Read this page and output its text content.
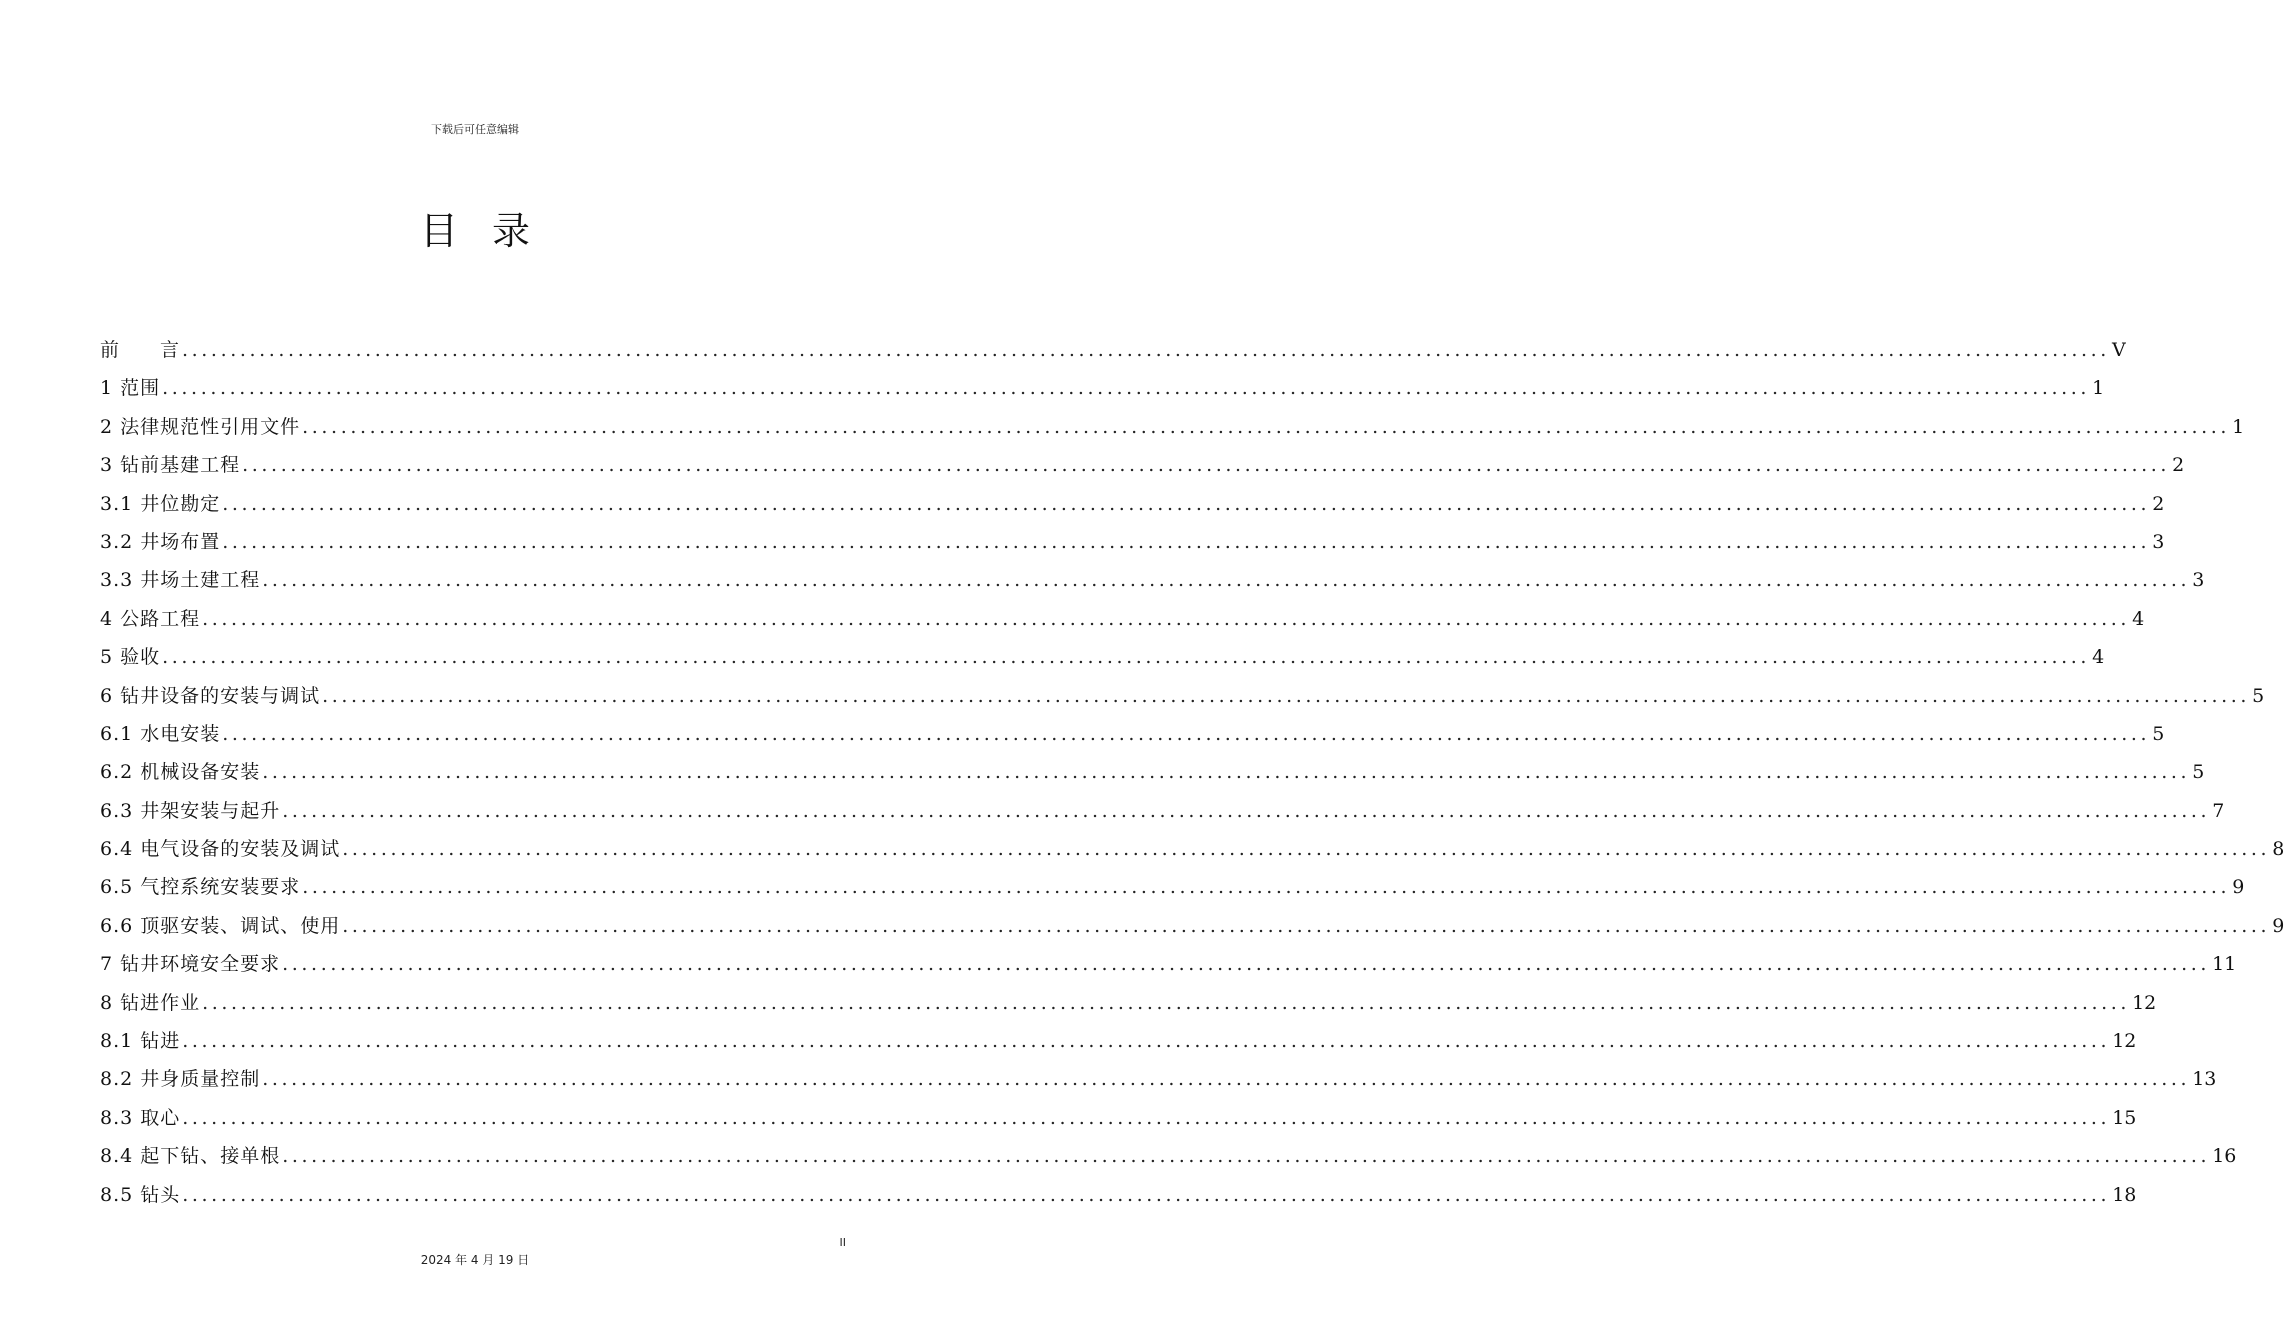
下载后可任意编辑
目录
前　　言 ........................................................................................................................................................................................................ V
1 范围 ........................................................................................................................................................................................................ 1
2 法律规范性引用文件 ........................................................................................................................................................................................................ 1
3 钻前基建工程 ........................................................................................................................................................................................................ 2
3.1 井位勘定 ........................................................................................................................................................................................................ 2
3.2 井场布置 ........................................................................................................................................................................................................ 3
3.3 井场土建工程 ........................................................................................................................................................................................................ 3
4 公路工程 ........................................................................................................................................................................................................ 4
5 验收 ........................................................................................................................................................................................................ 4
6 钻井设备的安装与调试 ........................................................................................................................................................................................................ 5
6.1 水电安装 ........................................................................................................................................................................................................ 5
6.2 机械设备安装 ........................................................................................................................................................................................................ 5
6.3 井架安装与起升 ........................................................................................................................................................................................................ 7
6.4 电气设备的安装及调试 ........................................................................................................................................................................................................ 8
6.5 气控系统安装要求 ........................................................................................................................................................................................................ 9
6.6 顶驱安装、调试、使用 ........................................................................................................................................................................................................ 9
7 钻井环境安全要求 ........................................................................................................................................................................................................ 11
8 钻进作业 ........................................................................................................................................................................................................ 12
8.1 钻进 ........................................................................................................................................................................................................ 12
8.2 井身质量控制 ........................................................................................................................................................................................................ 13
8.3 取心 ........................................................................................................................................................................................................ 15
8.4 起下钻、接单根 ........................................................................................................................................................................................................ 16
8.5 钻头 ........................................................................................................................................................................................................ 18
II
2024 年 4 月 19 日
